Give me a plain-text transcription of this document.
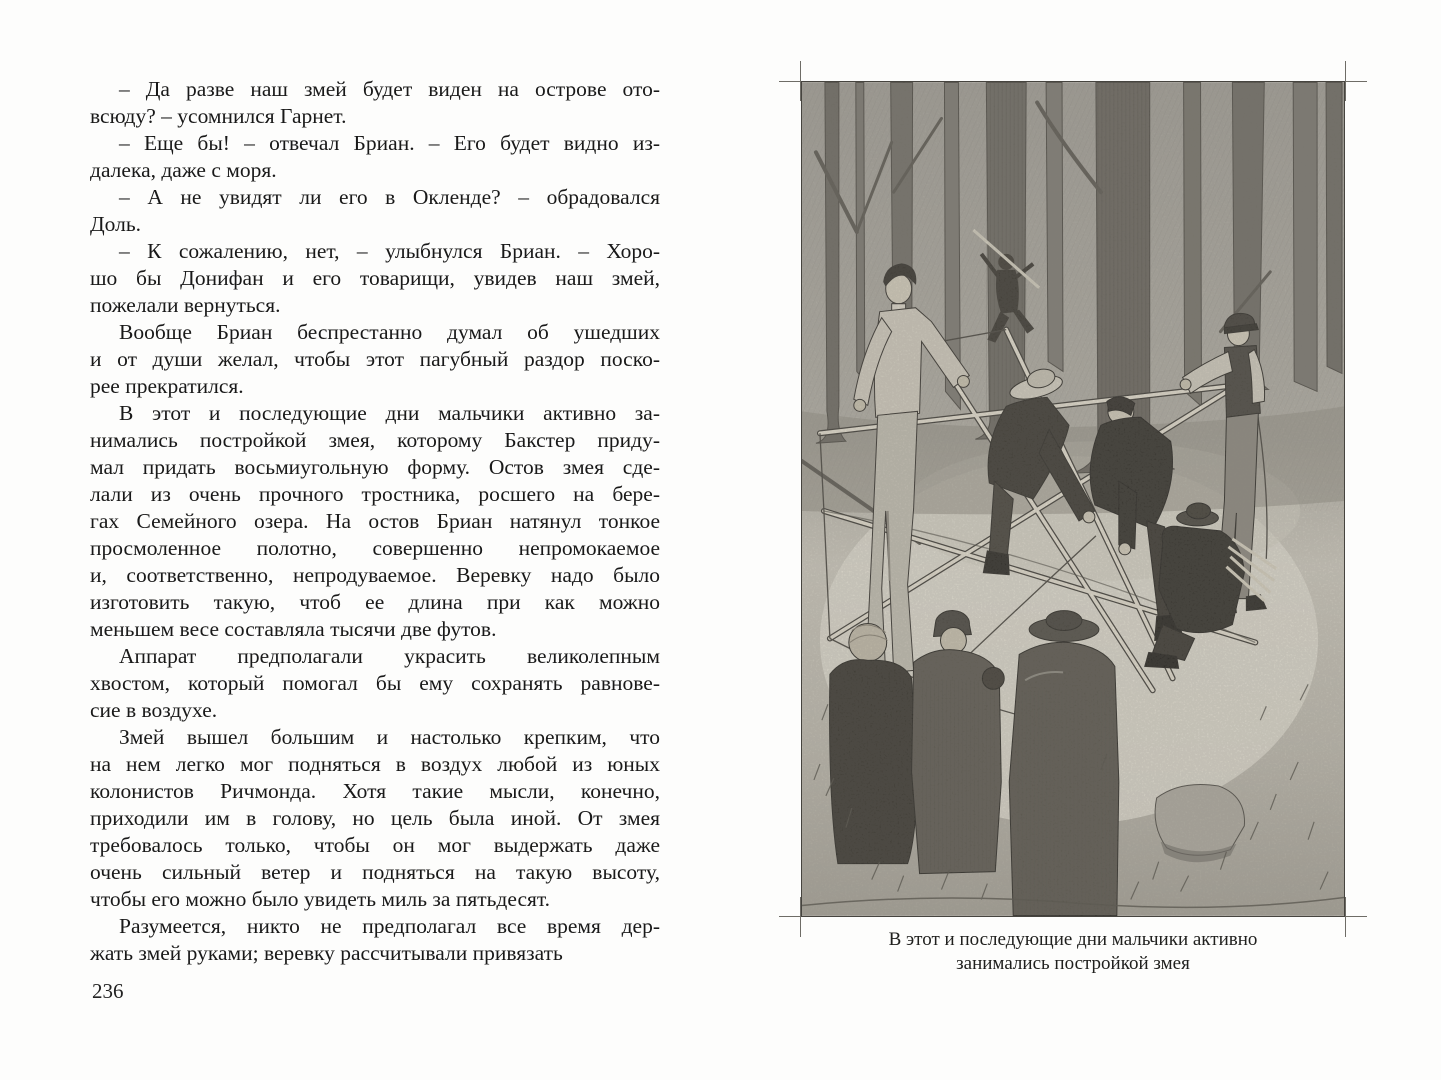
– Да разве наш змей будет виден на острове ото-
всюду? – усомнился Гарнет.
– Еще бы! – отвечал Бриан. – Его будет видно из-
далека, даже с моря.
– А не увидят ли его в Окленде? – обрадовался
Доль.
– К сожалению, нет, – улыбнулся Бриан. – Хоро-
шо бы Донифан и его товарищи, увидев наш змей,
пожелали вернуться.
Вообще Бриан беспрестанно думал об ушедших
и от души желал, чтобы этот пагубный раздор поско-
рее прекратился.
В этот и последующие дни мальчики активно за-
нимались постройкой змея, которому Бакстер приду-
мал придать восьмиугольную форму. Остов змея сде-
лали из очень прочного тростника, росшего на бере-
гах Семейного озера. На остов Бриан натянул тонкое
просмоленное полотно, совершенно непромокаемое
и, соответственно, непродуваемое. Веревку надо было
изготовить такую, чтоб ее длина при как можно
меньшем весе составляла тысячи две футов.
Аппарат предполагали украсить великолепным
хвостом, который помогал бы ему сохранять равнове-
сие в воздухе.
Змей вышел большим и настолько крепким, что
на нем легко мог подняться в воздух любой из юных
колонистов Ричмонда. Хотя такие мысли, конечно,
приходили им в голову, но цель была иной. От змея
требовалось только, чтобы он мог выдержать даже
очень сильный ветер и подняться на такую высоту,
чтобы его можно было увидеть миль за пятьдесят.
Разумеется, никто не предполагал все время дер-
жать змей руками; веревку рассчитывали привязать
236
В этот и последующие дни мальчики активно
занимались постройкой змея
